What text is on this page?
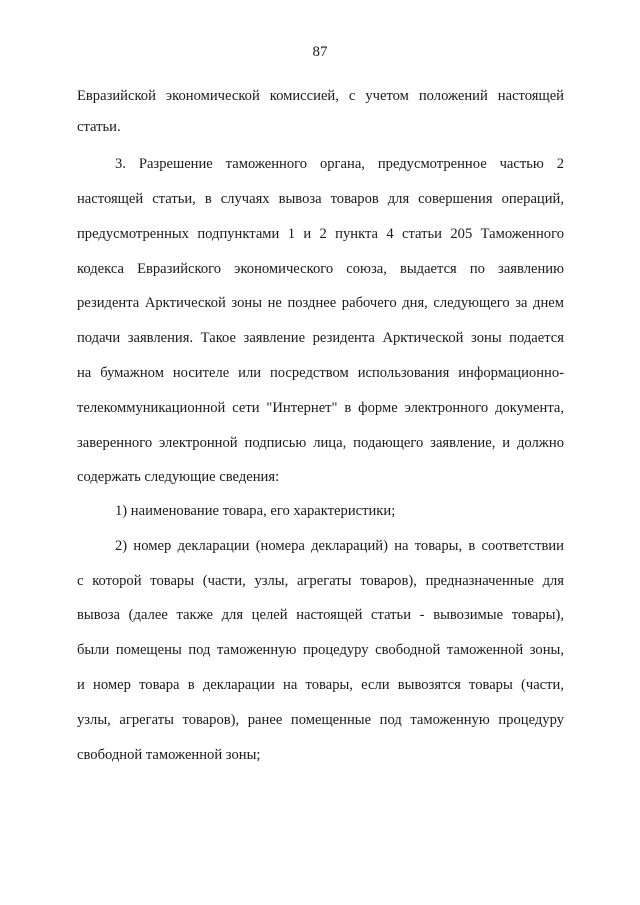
87
Евразийской экономической комиссией, с учетом положений настоящей
статьи.
3. Разрешение таможенного органа, предусмотренное частью 2
настоящей статьи, в случаях вывоза товаров для совершения операций,
предусмотренных подпунктами 1 и 2 пункта 4 статьи 205 Таможенного
кодекса Евразийского экономического союза, выдается по заявлению
резидента Арктической зоны не позднее рабочего дня, следующего за днем
подачи заявления. Такое заявление резидента Арктической зоны подается
на бумажном носителе или посредством использования информационно-
телекоммуникационной сети "Интернет" в форме электронного документа,
заверенного электронной подписью лица, подающего заявление, и должно
содержать следующие сведения:
1) наименование товара, его характеристики;
2) номер декларации (номера деклараций) на товары, в соответствии
с которой товары (части, узлы, агрегаты товаров), предназначенные для
вывоза (далее также для целей настоящей статьи - вывозимые товары),
были помещены под таможенную процедуру свободной таможенной зоны,
и номер товара в декларации на товары, если вывозятся товары (части,
узлы, агрегаты товаров), ранее помещенные под таможенную процедуру
свободной таможенной зоны;
